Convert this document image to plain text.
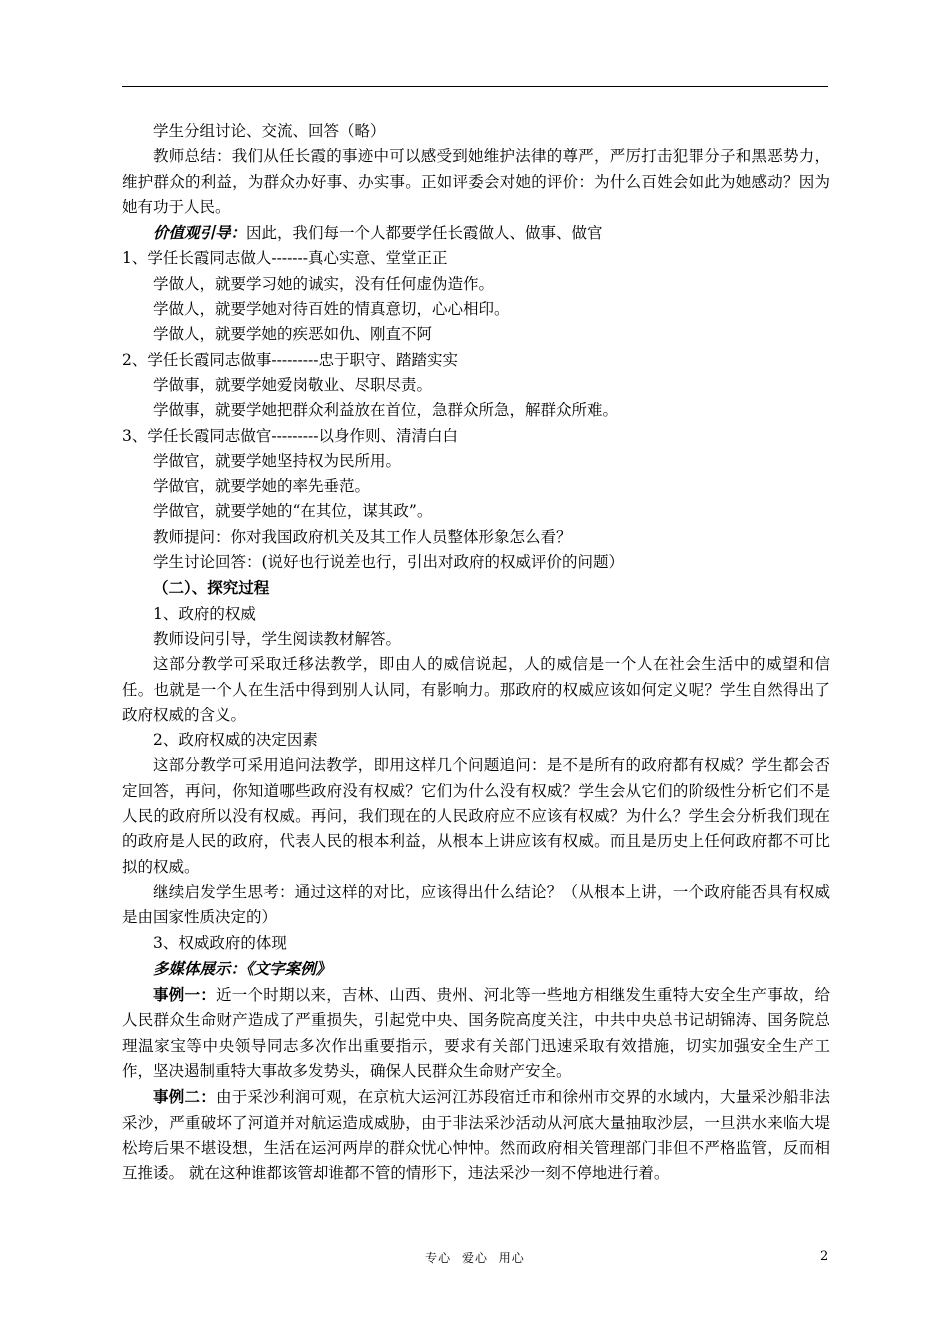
学生分组讨论、交流、回答（略）

教师总结：我们从任长霞的事迹中可以感受到她维护法律的尊严，严厉打击犯罪分子和黑恶势力，维护群众的利益，为群众办好事、办实事。正如评委会对她的评价：为什么百姓会如此为她感动？因为她有功于人民。

价值观引导：因此，我们每一个人都要学任长霞做人、做事、做官

1、学任长霞同志做人-------真心实意、堂堂正正

学做人，就要学习她的诚实，没有任何虚伪造作。

学做人，就要学她对待百姓的情真意切，心心相印。

学做人，就要学她的疾恶如仇、刚直不阿

2、学任长霞同志做事---------忠于职守、踏踏实实

学做事，就要学她爱岗敬业、尽职尽责。

学做事，就要学她把群众利益放在首位，急群众所急，解群众所难。

3、学任长霞同志做官---------以身作则、清清白白

学做官，就要学她坚持权为民所用。

学做官，就要学她的率先垂范。

学做官，就要学她的“在其位，谋其政”。

教师提问：你对我国政府机关及其工作人员整体形象怎么看？

学生讨论回答：(说好也行说差也行，引出对政府的权威评价的问题）

（二）、探究过程

1、政府的权威

教师设问引导，学生阅读教材解答。

这部分教学可采取迁移法教学，即由人的威信说起，人的威信是一个人在社会生活中的威望和信任。也就是一个人在生活中得到别人认同，有影响力。那政府的权威应该如何定义呢？学生自然得出了政府权威的含义。

2、政府权威的决定因素

这部分教学可采用追问法教学，即用这样几个问题追问：是不是所有的政府都有权威？学生都会否定回答，再问，你知道哪些政府没有权威？它们为什么没有权威？学生会从它们的阶级性分析它们不是人民的政府所以没有权威。再问，我们现在的人民政府应不应该有权威？为什么？学生会分析我们现在的政府是人民的政府，代表人民的根本利益，从根本上讲应该有权威。而且是历史上任何政府都不可比拟的权威。

继续启发学生思考：通过这样的对比，应该得出什么结论？（从根本上讲，一个政府能否具有权威是由国家性质决定的）

3、权威政府的体现

多媒体展示：《文字案例》

事例一：近一个时期以来，吉林、山西、贵州、河北等一些地方相继发生重特大安全生产事故，给人民群众生命财产造成了严重损失，引起党中央、国务院高度关注，中共中央总书记胡锦涛、国务院总理温家宝等中央领导同志多次作出重要指示，要求有关部门迅速采取有效措施，切实加强安全生产工作，坚决遏制重特大事故多发势头，确保人民群众生命财产安全。

事例二：由于采沙利润可观，在京杭大运河江苏段宿迁市和徐州市交界的水域内，大量采沙船非法采沙，严重破坏了河道并对航运造成威胁，由于非法采沙活动从河底大量抽取沙层，一旦洪水来临大堤松垮后果不堪设想，生活在运河两岸的群众忧心忡忡。然而政府相关管理部门非但不严格监管，反而相互推诿。 就在这种谁都该管却谁都不管的情形下，违法采沙一刻不停地进行着。

专心 爱心 用心	2
